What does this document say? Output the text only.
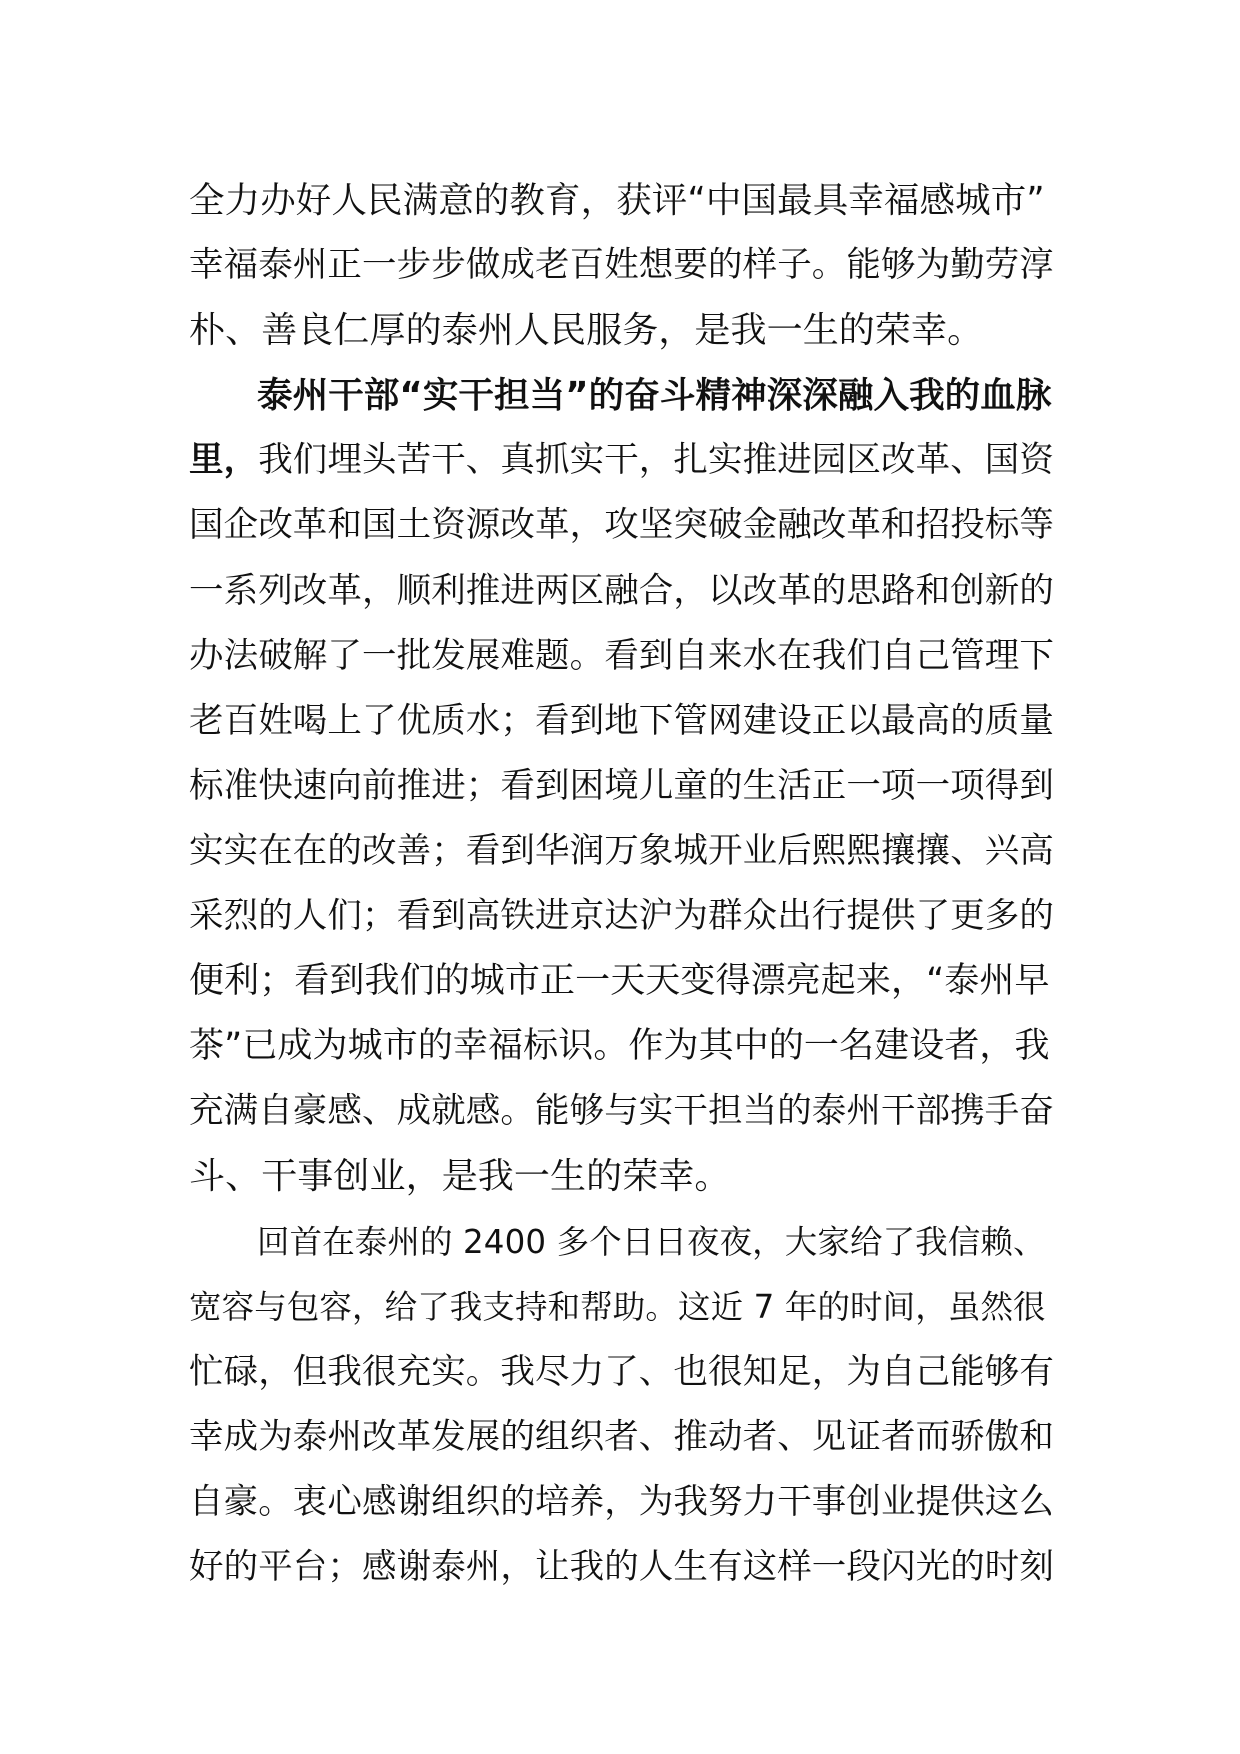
全力办好人民满意的教育，获评“中国最具幸福感城市”
幸福泰州正一步步做成老百姓想要的样子。能够为勤劳淳
朴、善良仁厚的泰州人民服务，是我一生的荣幸。
泰州干部“实干担当”的奋斗精神深深融入我的血脉
里，我们埋头苦干、真抓实干，扎实推进园区改革、国资
国企改革和国土资源改革，攻坚突破金融改革和招投标等
一系列改革，顺利推进两区融合，以改革的思路和创新的
办法破解了一批发展难题。看到自来水在我们自己管理下
老百姓喝上了优质水；看到地下管网建设正以最高的质量
标准快速向前推进；看到困境儿童的生活正一项一项得到
实实在在的改善；看到华润万象城开业后熙熙攘攘、兴高
采烈的人们；看到高铁进京达沪为群众出行提供了更多的
便利；看到我们的城市正一天天变得漂亮起来，“泰州早
茶”已成为城市的幸福标识。作为其中的一名建设者，我
充满自豪感、成就感。能够与实干担当的泰州干部携手奋
斗、干事创业，是我一生的荣幸。
回首在泰州的 2400 多个日日夜夜，大家给了我信赖、
宽容与包容，给了我支持和帮助。这近 7 年的时间，虽然很
忙碌，但我很充实。我尽力了、也很知足，为自己能够有
幸成为泰州改革发展的组织者、推动者、见证者而骄傲和
自豪。衷心感谢组织的培养，为我努力干事创业提供这么
好的平台；感谢泰州，让我的人生有这样一段闪光的时刻
